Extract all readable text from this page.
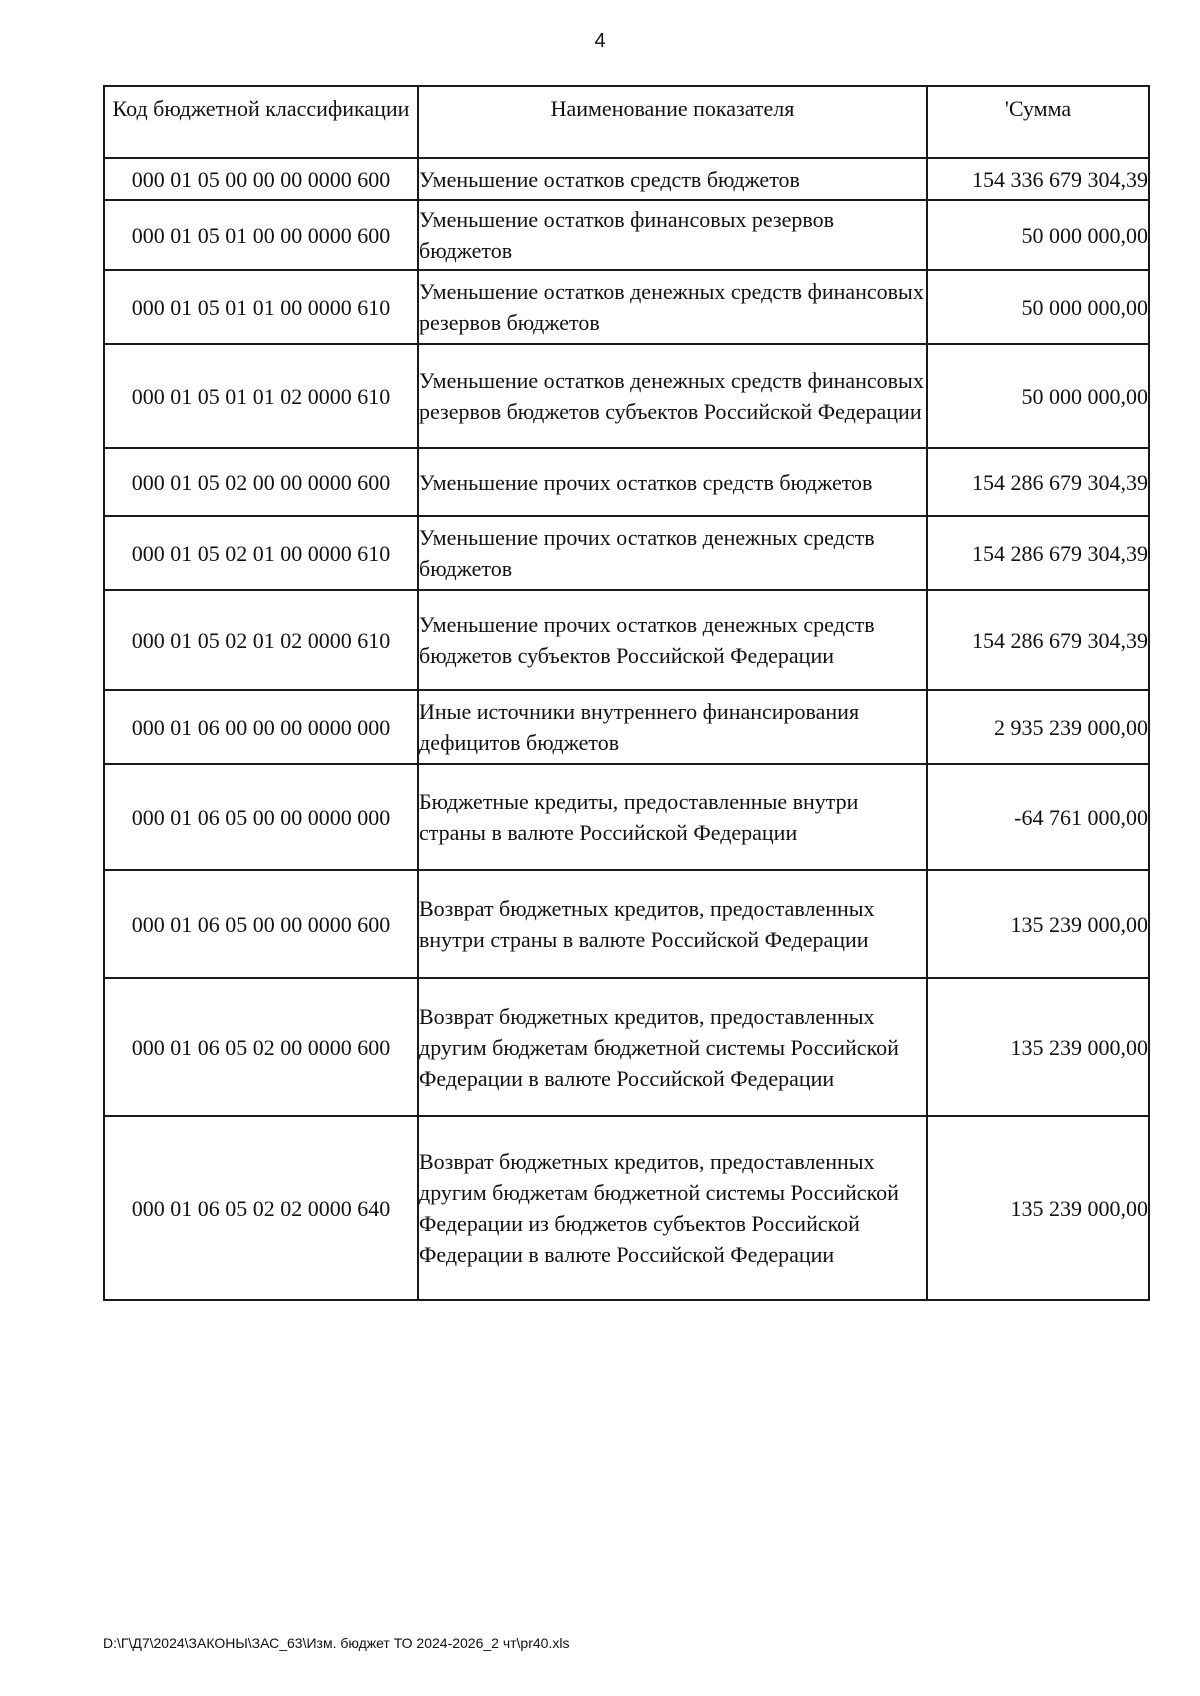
4
Код бюджетной классификации	Наименование показателя	'Сумма
000 01 05 00 00 00 0000 600	Уменьшение остатков средств бюджетов	154 336 679 304,39
000 01 05 01 00 00 0000 600	Уменьшение остатков финансовых резервов бюджетов	50 000 000,00
000 01 05 01 01 00 0000 610	Уменьшение остатков денежных средств финансовых резервов бюджетов	50 000 000,00
000 01 05 01 01 02 0000 610	Уменьшение остатков денежных средств финансовых резервов бюджетов субъектов Российской Федерации	50 000 000,00
000 01 05 02 00 00 0000 600	Уменьшение прочих остатков средств бюджетов	154 286 679 304,39
000 01 05 02 01 00 0000 610	Уменьшение прочих остатков денежных средств бюджетов	154 286 679 304,39
000 01 05 02 01 02 0000 610	Уменьшение прочих остатков денежных средств бюджетов субъектов Российской Федерации	154 286 679 304,39
000 01 06 00 00 00 0000 000	Иные источники внутреннего финансирования дефицитов бюджетов	2 935 239 000,00
000 01 06 05 00 00 0000 000	Бюджетные кредиты, предоставленные внутри страны в валюте Российской Федерации	-64 761 000,00
000 01 06 05 00 00 0000 600	Возврат бюджетных кредитов, предоставленных внутри страны в валюте Российской Федерации	135 239 000,00
000 01 06 05 02 00 0000 600	Возврат бюджетных кредитов, предоставленных другим бюджетам бюджетной системы Российской Федерации в валюте Российской Федерации	135 239 000,00
000 01 06 05 02 02 0000 640	Возврат бюджетных кредитов, предоставленных другим бюджетам бюджетной системы Российской Федерации из бюджетов субъектов Российской Федерации в валюте Российской Федерации	135 239 000,00
D:\Г\Д7\2024\ЗАКОНЫ\ЗАС_63\Изм. бюджет ТО 2024-2026_2 чт\pr40.xls
